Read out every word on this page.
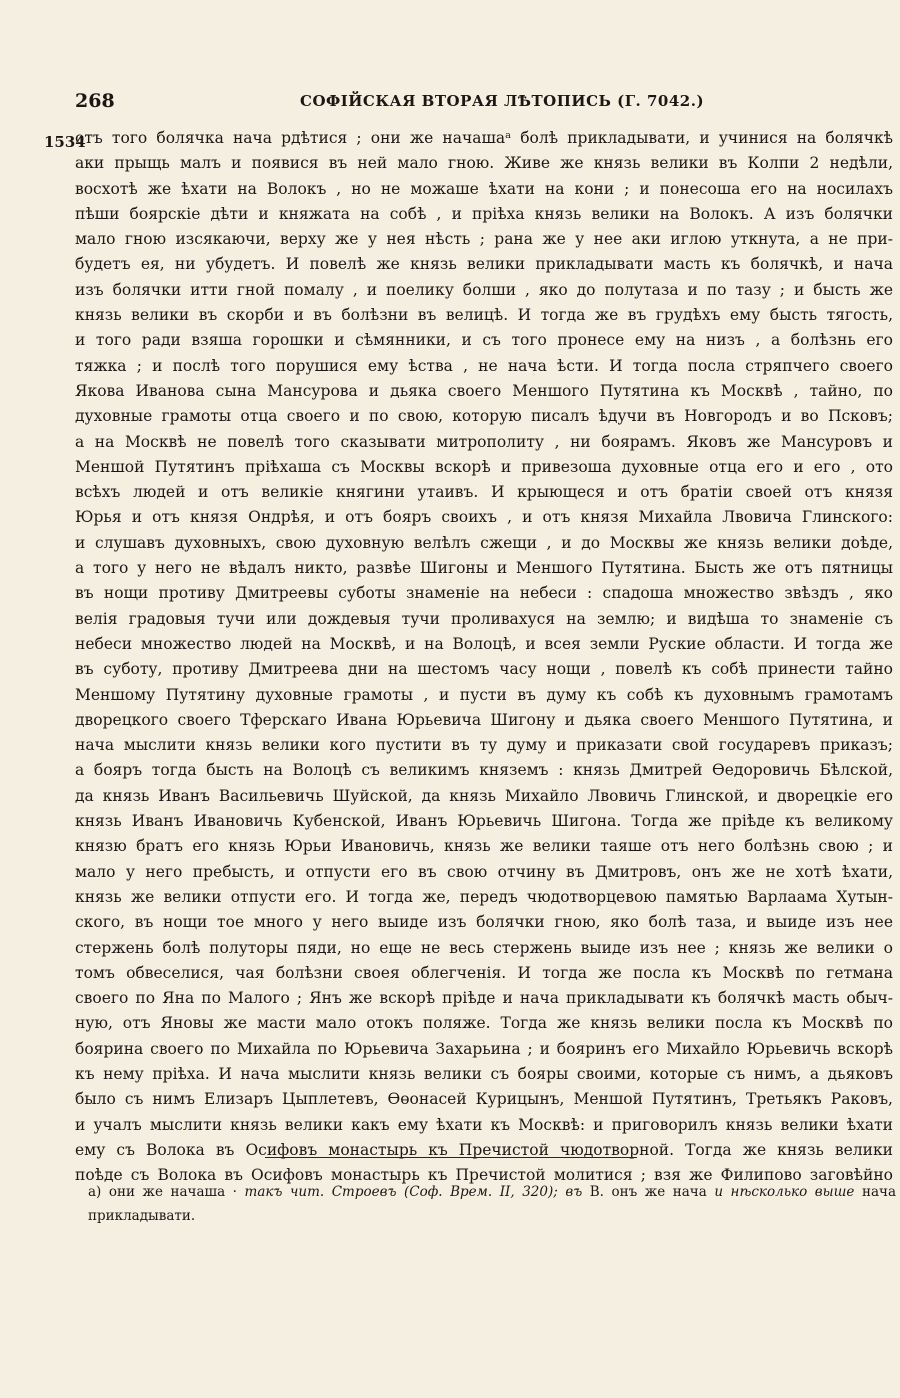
268	СОФІЙСКАЯ ВТОРАЯ ЛѢТОПИСЬ (Г. 7042.)
1534
отъ того болячка нача рдѣтися ; они же начашаᵃ болѣ прикладывати, и учинися на болячкѣ
аки прыщь малъ и появися въ ней мало гною. Живе же князь велики въ Колпи 2 недѣли,
восхотѣ же ѣхати на Волокъ , но не можаше ѣхати на кони ; и понесоша его на носилахъ
пѣши боярскіе дѣти и княжата на собѣ , и пріѣха князь велики на Волокъ. А изъ болячки
мало гною изсякаючи, верху же у нея нѣсть ; рана же у нее аки иглою уткнута, а не при-
будетъ ея, ни убудетъ. И повелѣ же князь велики прикладывати масть къ болячкѣ, и нача
изъ болячки итти гной помалу , и поелику болши , яко до полутаза и по тазу ; и бысть же
князь велики въ скорби и въ болѣзни въ велицѣ. И тогда же въ грудѣхъ ему бысть тягость,
и того ради взяша горошки и сѣмянники, и съ того пронесе ему на низъ , а болѣзнь его
тяжка ; и послѣ того порушися ему ѣства , не нача ѣсти. И тогда посла стряпчего своего
Якова Иванова сына Мансурова и дьяка своего Меншого Путятина къ Москвѣ , тайно, по
духовные грамоты отца своего и по свою, которую писалъ ѣдучи въ Новгородъ и во Псковъ;
а на Москвѣ не повелѣ того сказывати митрополиту , ни боярамъ. Яковъ же Мансуровъ и
Меншой Путятинъ пріѣхаша съ Москвы вскорѣ и привезоша духовные отца его и его , ото
всѣхъ людей и отъ великіе княгини утаивъ. И крыющеся и отъ братіи своей отъ князя
Юрья и отъ князя Ондрѣя, и отъ бояръ своихъ , и отъ князя Михайла Лвовича Глинского:
и слушавъ духовныхъ, свою духовную велѣлъ сжещи , и до Москвы же князь велики доѣде,
а того у него не вѣдалъ никто, развѣе Шигоны и Меншого Путятина. Бысть же отъ пятницы
въ нощи противу Дмитреевы суботы знаменіе на небеси : спадоша множество звѣздъ , яко
велія градовыя тучи или дождевыя тучи проливахуся на землю; и видѣша то знаменіе съ
небеси множество людей на Москвѣ, и на Волоцѣ, и всея земли Руские области. И тогда же
въ суботу, противу Дмитреева дни на шестомъ часу нощи , повелѣ къ собѣ принести тайно
Меншому Путятину духовные грамоты , и пусти въ думу къ собѣ къ духовнымъ грамотамъ
дворецкого своего Тферскаго Ивана Юрьевича Шигону и дьяка своего Меншого Путятина, и
нача мыслити князь велики кого пустити въ ту думу и приказати свой государевъ приказъ;
а бояръ тогда бысть на Волоцѣ съ великимъ княземъ : князь Дмитрей Өедоровичь Бѣлской,
да князь Иванъ Васильевичь Шуйской, да князь Михайло Лвовичь Глинской, и дворецкіе его
князь Иванъ Ивановичь Кубенской, Иванъ Юрьевичь Шигона. Тогда же пріѣде къ великому
князю братъ его князь Юрьи Ивановичь, князь же велики таяше отъ него болѣзнь свою ; и
мало у него пребысть, и отпусти его въ свою отчину въ Дмитровъ, онъ же не хотѣ ѣхати,
князь же велики отпусти его. И тогда же, передъ чюдотворцевою памятью Варлаама Хутын-
ского, въ нощи тое много у него выиде изъ болячки гною, яко болѣ таза, и выиде изъ нее
стержень болѣ полуторы пяди, но еще не весь стержень выиде изъ нее ; князь же велики о
томъ обвеселися, чая болѣзни своея облегченія. И тогда же посла къ Москвѣ по гетмана
своего по Яна по Малого ; Янъ же вскорѣ пріѣде и нача прикладывати къ болячкѣ масть обыч-
ную, отъ Яновы же масти мало отокъ поляже. Тогда же князь велики посла къ Москвѣ по
боярина своего по Михайла по Юрьевича Захарьина ; и бояринъ его Михайло Юрьевичь вскорѣ
къ нему пріѣха. И нача мыслити князь велики съ бояры своими, которые съ нимъ, а дьяковъ
было съ нимъ Елизаръ Цыплетевъ, Өөонасей Курицынъ, Меншой Путятинъ, Третьякъ Раковъ,
и учалъ мыслити князь велики какъ ему ѣхати къ Москвѣ: и приговорилъ князь велики ѣхати
ему съ Волока въ Осифовъ монастырь къ Пречистой чюдотворной. Тогда же князь велики
поѣде съ Волока въ Осифовъ монастырь къ Пречистой молитися ; взя же Филипово заговѣйно
a) они же начаша · такъ чит. Строевъ (Соф. Врем. II, 320); въ В. онъ же нача и нѣсколько выше нача
прикладывати.
